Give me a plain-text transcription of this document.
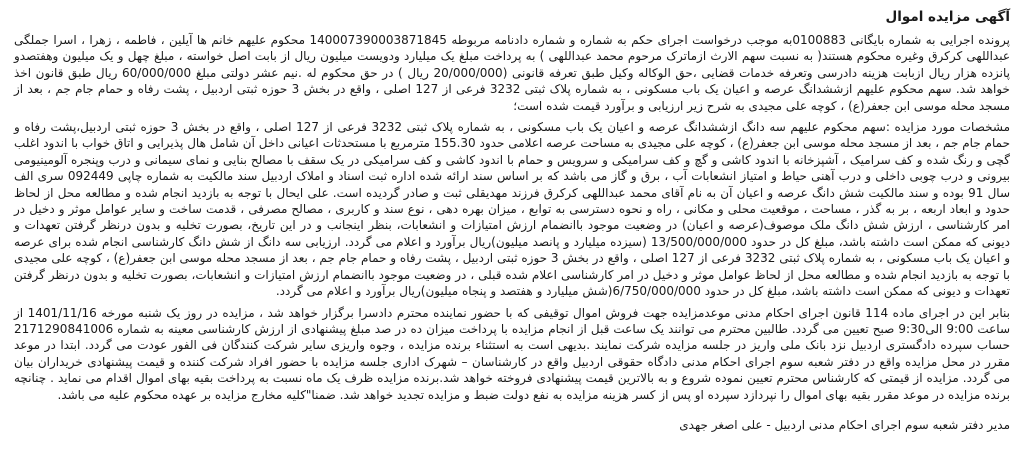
آگهی مزایده اموال

پرونده اجرایی به شماره بایگانی 0100883به موجب درخواست اجرای حکم به شماره و شماره دادنامه مربوطه 140007390003871845 محکوم علیهم خانم ها آیلین ، فاطمه ، زهرا ، اسرا جملگی عبداللهی کرکرق وغیره محکوم هستند( به نسبت سهم الارث ازماترک مرحوم محمد عبداللهی ) به پرداخت مبلغ یک میلیارد ودویست میلیون ریال از بابت اصل خواسته ، مبلغ چهل و یک میلیون وهفتصدو پانزده هزار ریال ازبابت هزینه دادرسی وتعرفه خدمات قضایی ،حق الوکاله وکیل طبق تعرفه قانونی (20/000/000 ریال ) در حق محکوم له .نیم عشر دولتی مبلغ 60/000/000 ریال طبق قانون اخذ خواهد شد. سهم محکوم علیهم ازششدانگ عرصه و اعیان یک باب مسکونی ، به شماره پلاک ثبتی 3232 فرعی از 127 اصلی ، واقع در بخش 3 حوزه ثبتی اردبیل ، پشت رفاه و حمام جام جم ، بعد از مسجد محله موسی ابن جعفر(ع) ، کوچه علی مجیدی به شرح زیر ارزیابی و برآورد قیمت شده است؛

مشخصات مورد مزایده :سهم محکوم علیهم سه دانگ ازششدانگ عرصه و اعیان یک باب مسکونی ، به شماره پلاک ثبتی 3232 فرعی از 127 اصلی ، واقع در بخش 3 حوزه ثبتی اردبیل،پشت رفاه و حمام جام جم ، بعد از مسجد محله موسی ابن جعفر(ع) ، کوچه علی مجیدی به مساحت عرصه اعلامی حدود 155.30 مترمربع با مستحدثات اعیانی داخل آن شامل هال پذیرایی و اتاق خواب با اندود اغلب گچی و رنگ شده و کف سرامیک ، آشپزخانه با اندود کاشی و گچ و کف سرامیکی و سرویس و حمام با اندود کاشی و کف سرامیکی در یک سقف با مصالح بنایی و نمای سیمانی و درب وپنجره آلومینیومی بیرونی و درب چوبی داخلی و درب آهنی حیاط و امتیاز انشعابات آب ، برق و گاز می باشد که بر اساس سند ارائه شده اداره ثبت اسناد و املاک اردبیل سند مالکیت به شماره چاپی 092449 سری الف سال 91 بوده و سند مالکیت شش دانگ عرصه و اعیان آن به نام آقای محمد عبداللهی کرکرق فرزند مهدیقلی ثبت و صادر گردیده است. علی ایحال با توجه به بازدید انجام شده و مطالعه محل از لحاظ حدود و ابعاد اربعه ، بر به گذر ، مساحت ، موقعیت محلی و مکانی ، راه و نحوه دسترسی به توابع ، میزان بهره دهی ، نوع سند و کاربری ، مصالح مصرفی ، قدمت ساخت و سایر عوامل موثر و دخیل در امر کارشناسی ، ارزش شش دانگ ملک موصوف(عرصه و اعیان) در وضعیت موجود باانضمام ارزش امتیازات و انشعابات، بنظر اینجانب و در این تاریخ، بصورت تخلیه و بدون درنظر گرفتن تعهدات و دیونی که ممکن است داشته باشد، مبلغ کل در حدود 13/500/000/000 (سیزده میلیارد و پانصد میلیون)ریال برآورد و اعلام می گردد. ارزیابی سه دانگ از شش دانگ کارشناسی انجام شده برای عرصه و اعیان یک باب مسکونی ، به شماره پلاک ثبتی 3232 فرعی از 127 اصلی ، واقع در بخش 3 حوزه ثبتی اردبیل ، پشت رفاه و حمام جام جم ، بعد از مسجد محله موسی ابن جعفر(ع) ، کوچه علی مجیدی با توجه به بازدید انجام شده و مطالعه محل از لحاظ عوامل موثر و دخیل در امر کارشناسی اعلام شده قبلی ، در وضعیت موجود باانضمام ارزش امتیازات و انشعابات، بصورت تخلیه و بدون درنظر گرفتن تعهدات و دیونی که ممکن است داشته باشد، مبلغ کل در حدود 6/750/000/000(شش میلیارد و هفتصد و پنجاه میلیون)ریال برآورد و اعلام می گردد.

بنابر این در اجرای ماده 114 قانون اجرای احکام مدنی موعدمزایده جهت فروش اموال توقیفی که با حضور نماینده محترم دادسرا برگزار خواهد شد ، مزایده در روز یک شنبه مورخه 1401/11/16 از ساعت 9:00 الی9:30 صبح تعیین می گردد. طالبین محترم می توانند یک ساعت قبل از انجام مزایده با پرداخت میزان ده در صد مبلغ پیشنهادی از ارزش کارشناسی معینه به شماره 2171290841006 حساب سپرده دادگستری اردبیل نزد بانک ملی واریز در جلسه مزایده شرکت نمایند .بدیهی است به استثناء برنده مزایده ، وجوه واریزی سایر شرکت کنندگان فی الفور عودت می گردد. ابتدا در موعد مقرر در محل مزایده واقع در دفتر شعبه سوم اجرای احکام مدنی دادگاه حقوقی اردبیل واقع در کارشناسان – شهرک اداری جلسه مزایده با حضور افراد شرکت کننده و قیمت پیشنهادی خریداران بیان می گردد. مزایده از قیمتی که کارشناس محترم تعیین نموده شروع و به بالاترین قیمت پیشنهادی فروخته خواهد شد.برنده مزایده ظرف یک ماه نسبت به پرداخت بقیه بهای اموال اقدام می نماید . چنانچه برنده مزایده در موعد مقرر بقیه بهای اموال را نپردازد سپرده او پس از کسر هزینه مزایده به نفع دولت ضبط و مزایده تجدید خواهد شد. ضمنا"کلیه مخارج مزایده بر عهده محکوم علیه می باشد.

مدیر دفتر شعبه سوم اجرای احکام مدنی اردبیل - علی اصغر جهدی
